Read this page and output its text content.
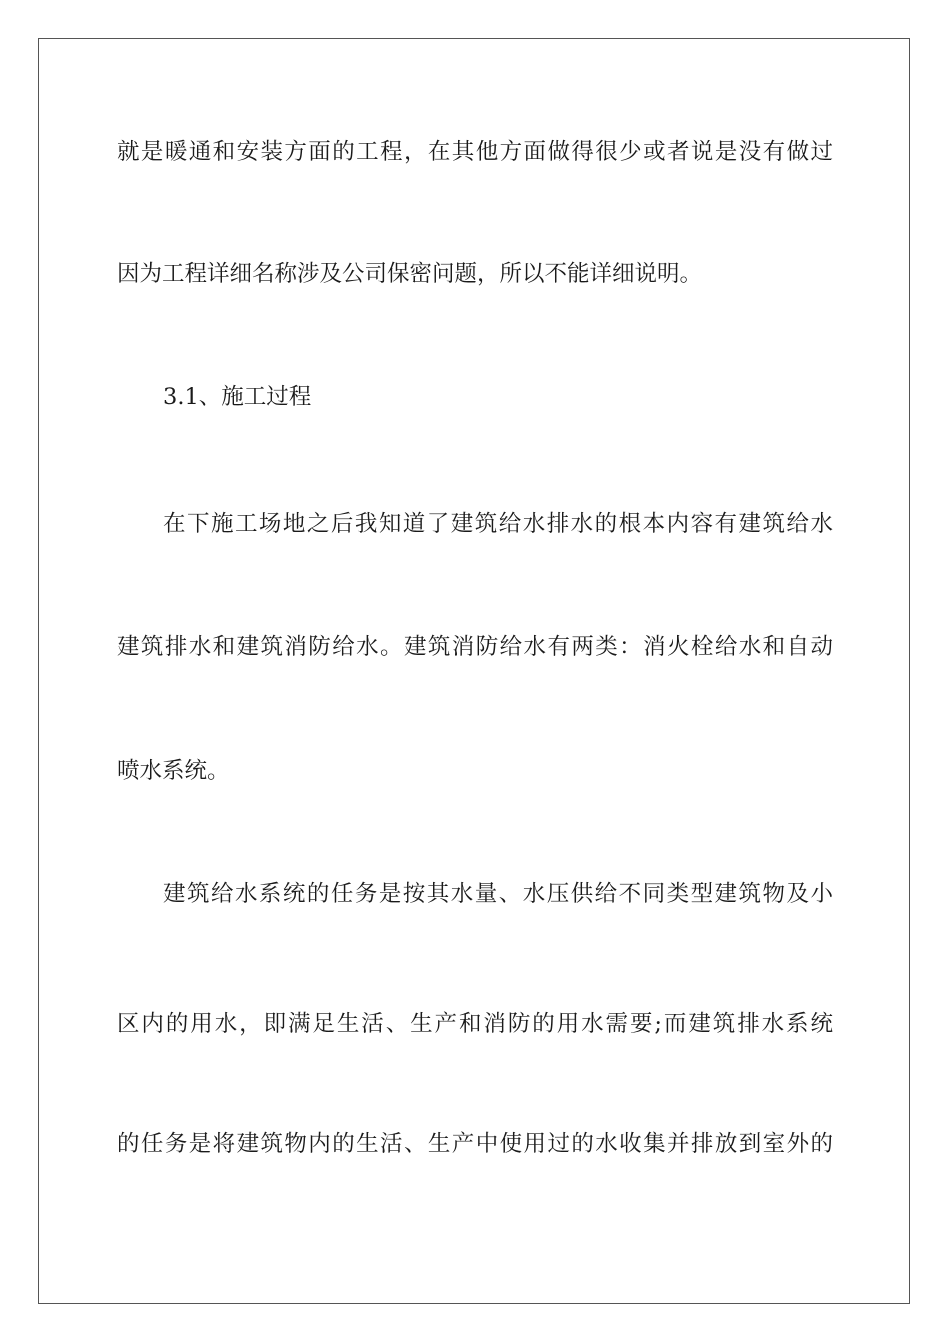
就是暖通和安装方面的工程，在其他方面做得很少或者说是没有做过
因为工程详细名称涉及公司保密问题，所以不能详细说明。
3.1、施工过程
在下施工场地之后我知道了建筑给水排水的根本内容有建筑给水
建筑排水和建筑消防给水。建筑消防给水有两类：消火栓给水和自动
喷水系统。
建筑给水系统的任务是按其水量、水压供给不同类型建筑物及小
区内的用水，即满足生活、生产和消防的用水需要;而建筑排水系统
的任务是将建筑物内的生活、生产中使用过的水收集并排放到室外的
